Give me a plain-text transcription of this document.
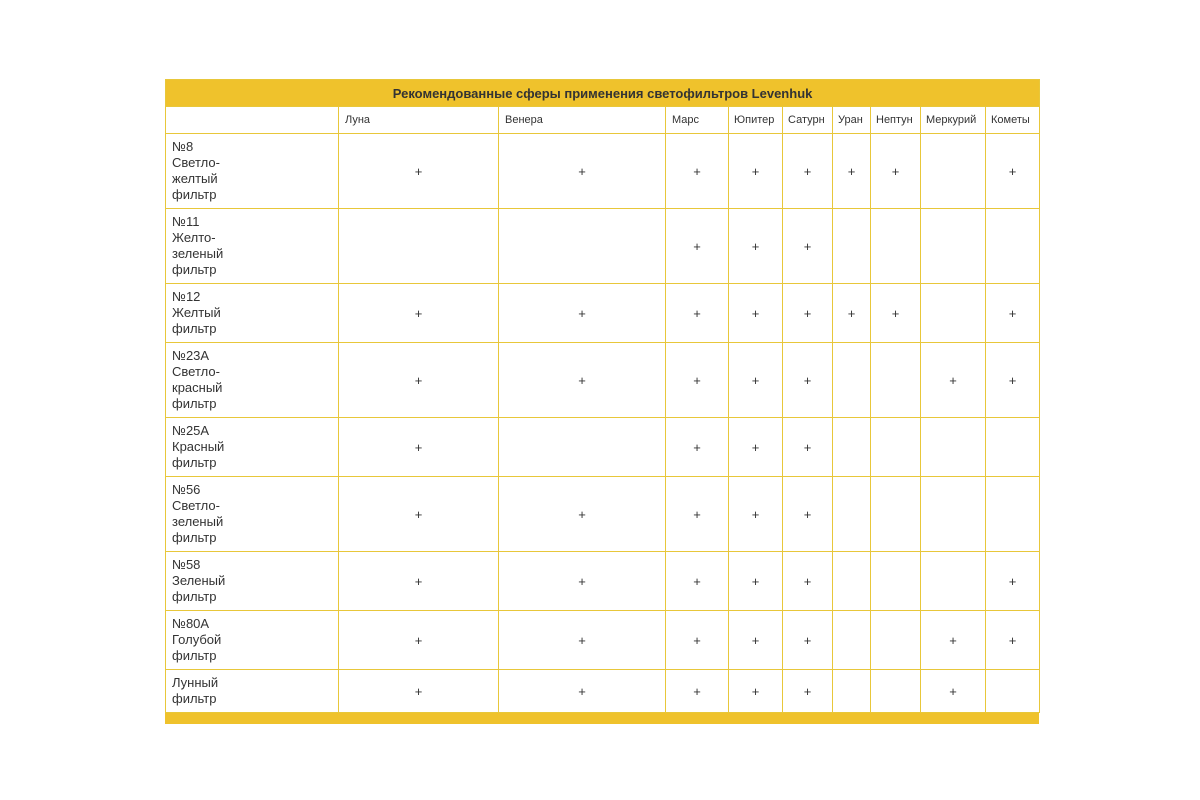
Рекомендованные сферы применения светофильтров Levenhuk									
	Луна	Венера	Марс	Юпитер	Сатурн	Уран	Нептун	Меркурий	Кометы
№8
Светло-
желтый
фильтр	+	+	+	+	+	+	+		+
№11
Желто-
зеленый
фильтр			+	+	+				
№12
Желтый
фильтр	+	+	+	+	+	+	+		+
№23A
Светло-
красный
фильтр	+	+	+	+	+			+	+
№25A
Красный
фильтр	+		+	+	+				
№56
Светло-
зеленый
фильтр	+	+	+	+	+				
№58
Зеленый
фильтр	+	+	+	+	+				+
№80A
Голубой
фильтр	+	+	+	+	+			+	+
Лунный
фильтр	+	+	+	+	+			+	
